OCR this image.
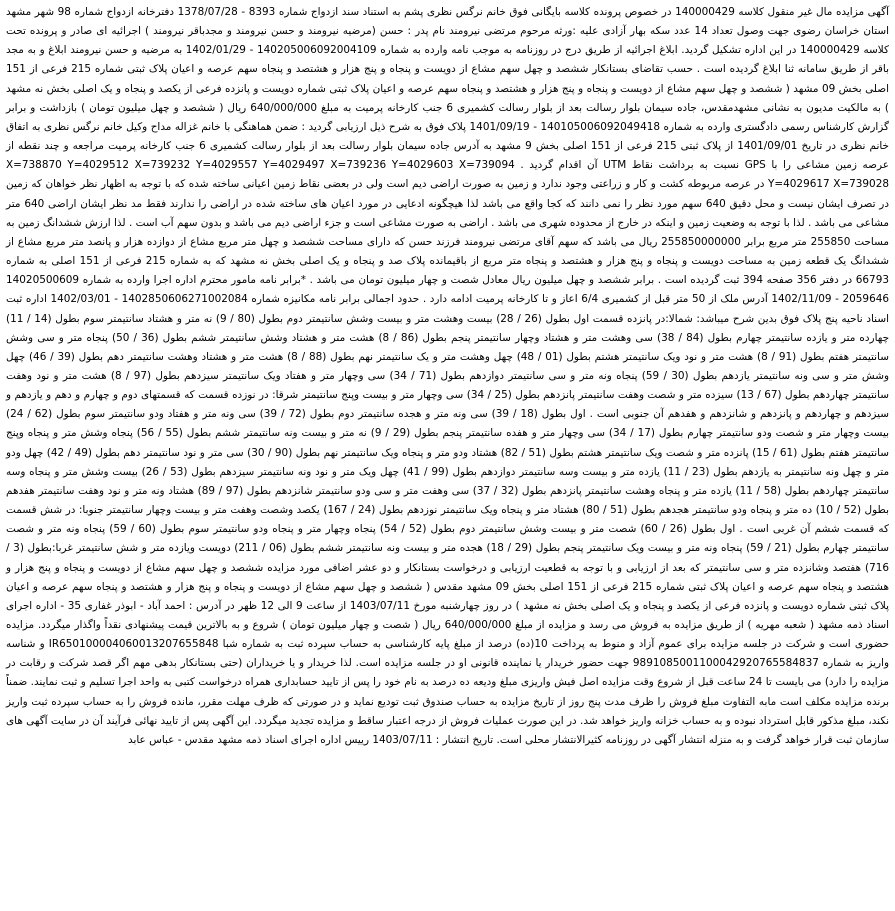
آگهی مزایده مال غیر منقول کلاسه 140000429 در خصوص پرونده کلاسه بایگانی فوق خانم نرگس نظری پشم به استناد سند ازدواج شماره 8393 - 1378/07/28 دفترخانه ازدواج شماره 98 شهر مشهد استان خراسان رضوی جهت وصول تعداد 14 عدد سکه بهار آزادی علیه :ورثه مرحوم مرتضی نیرومند نام پدر : حسن (مرضیه نیرومند و حسن نیرومند و مجدباقر نیرومند ) اجرائیه ای صادر و پرونده تحت کلاسه 140000429 در این اداره تشکیل گردید. ابلاغ اجرائیه از طریق درج در روزنامه به موجب نامه وارده به شماره 14020500609​2004109 - 1402/01/29 به مرضیه و حسن نیرومند ابلاغ و به مجد باقر از طریق سامانه ثنا ابلاغ گردیده است . حسب تقاضای بستانکار ششصد و چهل سهم مشاع از دویست و پنجاه و پنج هزار و هشتصد و پنجاه سهم عرصه و اعیان پلاک ثبتی شماره 215 فرعی از 151 اصلی بخش 09 مشهد ( ششصد و چهل سهم مشاع از دویست و پنجاه و پنج هزار و هشتصد و پنجاه سهم عرصه و اعیان پلاک ثبتی شماره دویست و پانزده فرعی از یکصد و پنجاه و یک اصلی بخش نه مشهد ) به مالکیت مدیون به نشانی مشهدمقدس، جاده سیمان بلوار رسالت بعد از بلوار رسالت کشمیری 6 جنب کارخانه پرمیت به مبلغ 640/000/000 ریال ( ششصد و چهل میلیون تومان ) بازداشت و برابر گزارش کارشناس رسمی دادگستری وارده به شماره 14010500609​2049418 - 1401/09/19 پلاک فوق به شرح ذیل ارزیابی گردید : ضمن هماهنگی با خانم غزاله مداح وکیل خانم نرگس نظری به اتفاق خانم نظری در تاریخ 1401/09/01 از پلاک ثبتی 215 فرعی از 151 اصلی بخش 9 مشهد به آدرس جاده سیمان بلوار رسالت بعد از بلوار رسالت کشمیری 6 جنب کارخانه پرمیت مراجعه و چند نقطه از عرصه زمین مشاعی را با GPS نسبت به برداشت نقاط UTM آن اقدام گردید . X=738870 Y=4029512 X=739232 Y=4029557 Y=4029497 X=739236 Y=4029603 X=739094 Y=4029617 X=739028 در عرصه مربوطه کشت و کار و زراعتی وجود ندارد و زمین به صورت اراضی دیم است ولی در بعضی نقاط زمین اعیانی ساخته شده که با توجه به اظهار نظر خواهان که زمین در تصرف ایشان نیست و محل دقیق 640 سهم مورد نظر را نمی دانند که کجا واقع می باشد لذا هیچگونه ادعایی در مورد اعیان های ساخته شده در اراضی را ندارند فقط مد نظر ایشان اراضی 640 متر مشاعی می باشد . لذا با توجه به وضعیت زمین و اینکه در خارج از محدوده شهری می باشد . اراضی به صورت مشاعی است و جزء اراضی دیم می باشد و بدون سهم آب است . لذا ارزش ششدانگ زمین به مساحت 255850 متر مربع برابر 255850000000 ریال می باشد که سهم آقای مرتضی نیرومند فرزند حسن که دارای مساحت ششصد و چهل متر مربع مشاع از دوازده هزار و پانصد متر مربع مشاع از ششدانگ یک قطعه زمین به مساحت دویست و پنجاه و پنج هزار و هشتصد و پنجاه متر مربع از باقیمانده پلاک صد و پنجاه و یک اصلی بخش نه مشهد که به شماره 215 فرعی از 151 اصلی به شماره 66793 در دفتر 356 صفحه 394 ثبت گردیده است . برابر ششصد و چهل میلیون ریال معادل شصت و چهار میلیون تومان می باشد . *برابر نامه مامور محترم اداره اجرا وارده به شماره 14020500609​2059646 - 1402/11/09 آدرس ملک از 50 متر قبل از کشمیری 6/4 اعاز و تا کارخانه پرمیت ادامه دارد . حدود اجمالی برابر نامه مکانیزه شماره 14028506062​71002084 - 1402/03/01 اداره ثبت اسناد ناحیه پنج پلاک فوق بدین شرح میباشد: شمالا:در پانزده قسمت اول بطول (26 / 28) بیست وهشت متر و بیست وشش سانتیمتر دوم بطول (80 / 9) نه متر و هشتاد سانتیمتر سوم بطول (14 / 11) چهارده متر و یازده سانتیمتر چهارم بطول (84 / 38) سی وهشت متر و هشتاد وچهار سانتیمتر پنجم بطول (86 / 8) هشت متر و هشتاد وشش سانتیمتر ششم بطول (36 / 50) پنجاه متر و سی وشش سانتیمتر هفتم بطول (91 / 8) هشت متر و نود ویک سانتیمتر هشتم بطول (01 / 48) چهل وهشت متر و یک سانتیمتر نهم بطول (88 / 8) هشت متر و هشتاد وهشت سانتیمتر دهم بطول (39 / 46) چهل وشش متر و سی ونه سانتیمتر یازدهم بطول (30 / 59) پنجاه ونه متر و سی سانتیمتر دوازدهم بطول (71 / 34) سی وچهار متر و هفتاد ویک سانتیمتر سیزدهم بطول (97 / 8) هشت متر و نود وهفت سانتیمتر چهاردهم بطول (67 / 13) سیزده متر و شصت وهفت سانتیمتر پانزدهم بطول (25 / 34) سی وچهار متر و بیست وپنج سانتیمتر شرقا: در نوزده قسمت که قسمتهای دوم و چهارم و دهم و یازدهم و سیزدهم و چهاردهم و پانزدهم و شانزدهم و هفدهم آن جنوبی است . اول بطول (18 / 39) سی ونه متر و هجده سانتیمتر دوم بطول (72 / 39) سی ونه متر و هفتاد ودو سانتیمتر سوم بطول (62 / 24) بیست وچهار متر و شصت ودو سانتیمتر چهارم بطول (17 / 34) سی وچهار متر و هفده سانتیمتر پنجم بطول (29 / 9) نه متر و بیست ونه سانتیمتر ششم بطول (55 / 56) پنجاه وشش متر و پنجاه وپنج سانتیمتر هفتم بطول (61 / 15) پانزده متر و شصت ویک سانتیمتر هشتم بطول (51 / 82) هشتاد ودو متر و پنجاه ویک سانتیمتر نهم بطول (90 / 30) سی متر و نود سانتیمتر دهم بطول (49 / 42) چهل ودو متر و چهل ونه سانتیمتر به یازدهم بطول (23 / 11) یازده متر و بیست وسه سانتیمتر دوازدهم بطول (99 / 41) چهل ویک متر و نود ونه سانتیمتر سیزدهم بطول (53 / 26) بیست وشش متر و پنجاه وسه سانتیمتر چهاردهم بطول (58 / 11) یازده متر و پنجاه وهشت سانتیمتر پانزدهم بطول (32 / 37) سی وهفت متر و سی ودو سانتیمتر شانزدهم بطول (97 / 89) هشتاد ونه متر و نود وهفت سانتیمتر هفدهم بطول (52 / 10) ده متر و پنجاه ودو سانتیمتر هجدهم بطول (51 / 80) هشتاد متر و پنجاه ویک سانتیمتر نوزدهم بطول (24 / 167) یکصد وشصت وهفت متر و بیست وچهار سانتیمتر جنوبا: در شش قسمت که قسمت ششم آن غربی است . اول بطول (26 / 60) شصت متر و بیست وشش سانتیمتر دوم بطول (52 / 54) پنجاه وچهار متر و پنجاه ودو سانتیمتر سوم بطول (60 / 59) پنجاه ونه متر و شصت سانتیمتر چهارم بطول (21 / 59) پنجاه ونه متر و بیست ویک سانتیمتر پنجم بطول (29 / 18) هجده متر و بیست ونه سانتیمتر ششم بطول (06 / 211) دویست ویازده متر و شش سانتیمتر غربا:بطول (3 / 716) هفتصد وشانزده متر و سی سانتیمتر که بعد از ارزیابی و با توجه به قطعیت ارزیابی و درخواست بستانکار و دو عشر اضافی مورد مزایده ششصد و چهل سهم مشاع از دویست و پنجاه و پنج هزار و هشتصد و پنجاه سهم عرصه و اعیان پلاک ثبتی شماره 215 فرعی از 151 اصلی بخش 09 مشهد مقدس ( ششصد و چهل سهم مشاع از دویست و پنجاه و پنج هزار و هشتصد و پنجاه سهم عرصه و اعیان پلاک ثبتی شماره دویست و پانزده فرعی از یکصد و پنجاه و یک اصلی بخش نه مشهد ) در روز چهارشنبه مورخ 1403/07/11 از ساعت 9 الی 12 ظهر در آدرس : احمد آباد - ابوذر غفاری 35 - اداره اجرای اسناد ذمه مشهد ( شعبه مهریه ) از طریق مزایده به فروش می رسد و مزایده از مبلغ 640/000/000 ریال ( شصت و چهار میلیون تومان ) شروع و به بالاترین قیمت پیشنهادی نقداً واگذار میگردد. مزایده حضوری است و شرکت در جلسه مزایده برای عموم آزاد و منوط به پرداخت 10(ده) درصد از مبلغ پایه کارشناسی به حساب سپرده ثبت به شماره شبا IR650100004060013207655848 و شناسه واریز به شماره 989108500110004292076​5584837 جهت حضور خریدار یا نماینده قانونی او در جلسه مزایده است. لذا خریدار و یا خریداران (حتی بستانکار بدهی مهم اگر قصد شرکت و رقابت در مزایده را دارد) می بایست تا 24 ساعت قبل از شروع وقت مزایده اصل فیش واریزی مبلغ ودیعه ده درصد به نام خود را پس از تایید حسابداری همراه درخواست کتبی به واحد اجرا تسلیم و ثبت نمایند. ضمناً برنده مزایده مکلف است مابه التفاوت مبلغ فروش را ظرف مدت پنج روز از تاریخ مزایده به حساب صندوق ثبت تودیع نماید و در صورتی که ظرف مهلت مقرر، مانده فروش را به حساب سپرده ثبت واریز نکند، مبلغ مذکور قابل استرداد نبوده و به حساب خزانه واریز خواهد شد. در این صورت عملیات فروش از درجه اعتبار ساقط و مزایده تجدید میگردد. این آگهی پس از تایید نهائی فرآیند آن در سایت آگهی های سازمان ثبت قرار خواهد گرفت و به منزله انتشار آگهی در روزنامه کثیرالانتشار محلی است. تاریخ انتشار : 1403/07/11 رییس اداره اجرای اسناد ذمه مشهد مقدس - عباس عابد
